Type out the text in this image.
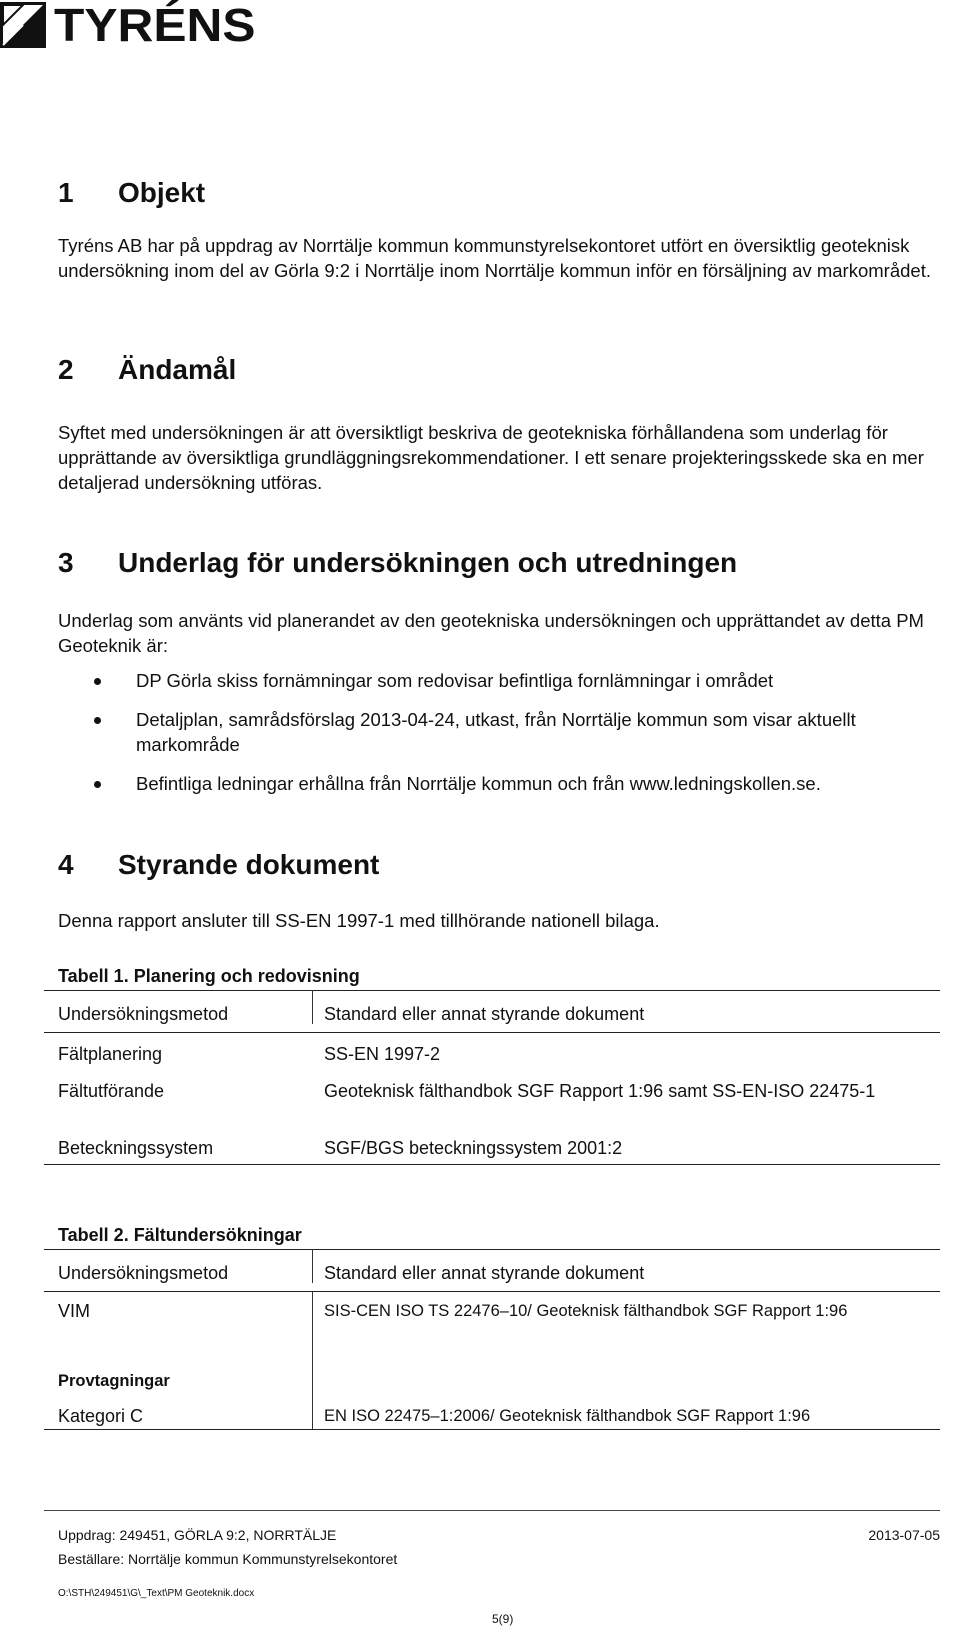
TYRÉNS
1 Objekt

Tyréns AB har på uppdrag av Norrtälje kommun kommunstyrelsekontoret utfört en översiktlig geoteknisk undersökning inom del av Görla 9:2 i Norrtälje inom Norrtälje kommun inför en försäljning av markområdet.

2 Ändamål

Syftet med undersökningen är att översiktligt beskriva de geotekniska förhållandena som underlag för upprättande av översiktliga grundläggningsrekommendationer. I ett senare projekteringsskede ska en mer detaljerad undersökning utföras.

3 Underlag för undersökningen och utredningen

Underlag som använts vid planerandet av den geotekniska undersökningen och upprättandet av detta PM Geoteknik är:

4 Styrande dokument

Denna rapport ansluter till SS-EN 1997-1 med tillhörande nationell bilaga.

DP Görla skiss fornämningar som redovisar befintliga fornlämningar i området
Detaljplan, samrådsförslag 2013-04-24, utkast, från Norrtälje kommun som visar aktuellt markområde
Befintliga ledningar erhållna från Norrtälje kommun och från www.ledningskollen.se.
Tabell 1. Planering och redovisning
Undersökningsmetod	Standard eller annat styrande dokument
Fältplanering	SS-EN 1997-2
Fältutförande	Geoteknisk fälthandbok SGF Rapport 1:96 samt SS-EN-ISO 22475-1
Beteckningssystem	SGF/BGS beteckningssystem 2001:2
Tabell 2. Fältundersökningar
Undersökningsmetod	Standard eller annat styrande dokument
VIM	SIS-CEN ISO TS 22476–10/ Geoteknisk fälthandbok SGF Rapport 1:96
Provtagningar
Kategori C	EN ISO 22475–1:2006/ Geoteknisk fälthandbok SGF Rapport 1:96
Uppdrag: 249451, GÖRLA 9:2, NORRTÄLJE	2013-07-05
Beställare: Norrtälje kommun Kommunstyrelsekontoret
O:\STH\249451\G\_Text\PM Geoteknik.docx
5(9)
